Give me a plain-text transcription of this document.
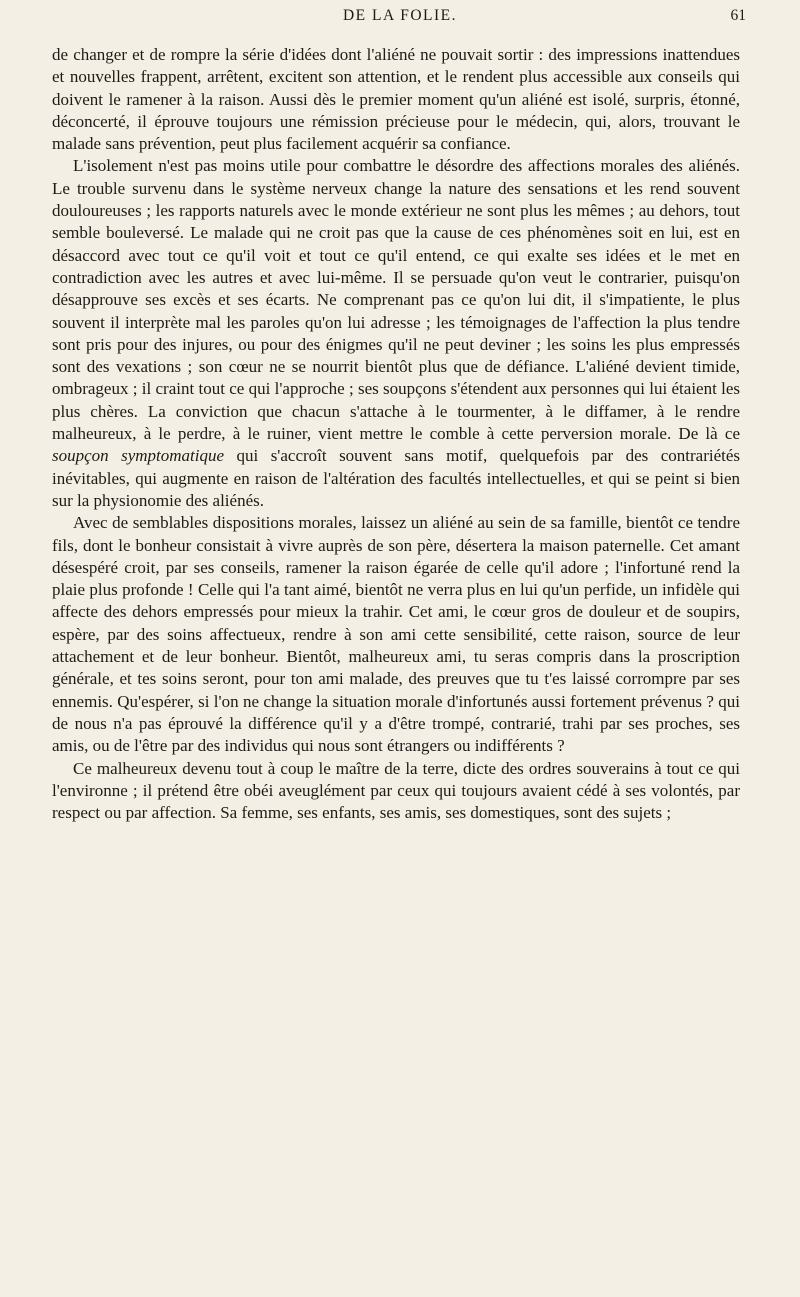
DE LA FOLIE.	61

de changer et de rompre la série d'idées dont l'aliéné ne pouvait sortir : des impressions inattendues et nouvelles frappent, arrêtent, excitent son attention, et le rendent plus accessible aux conseils qui doivent le ramener à la raison. Aussi dès le premier moment qu'un aliéné est isolé, surpris, étonné, déconcerté, il éprouve toujours une rémission précieuse pour le médecin, qui, alors, trouvant le malade sans prévention, peut plus facilement acquérir sa confiance.

L'isolement n'est pas moins utile pour combattre le désordre des affections morales des aliénés. Le trouble survenu dans le système nerveux change la nature des sensations et les rend souvent douloureuses ; les rapports naturels avec le monde extérieur ne sont plus les mêmes ; au dehors, tout semble bouleversé. Le malade qui ne croit pas que la cause de ces phénomènes soit en lui, est en désaccord avec tout ce qu'il voit et tout ce qu'il entend, ce qui exalte ses idées et le met en contradiction avec les autres et avec lui-même. Il se persuade qu'on veut le contrarier, puisqu'on désapprouve ses excès et ses écarts. Ne comprenant pas ce qu'on lui dit, il s'impatiente, le plus souvent il interprète mal les paroles qu'on lui adresse ; les témoignages de l'affection la plus tendre sont pris pour des injures, ou pour des énigmes qu'il ne peut deviner ; les soins les plus empressés sont des vexations ; son cœur ne se nourrit bientôt plus que de défiance. L'aliéné devient timide, ombrageux ; il craint tout ce qui l'approche ; ses soupçons s'étendent aux personnes qui lui étaient les plus chères. La conviction que chacun s'attache à le tourmenter, à le diffamer, à le rendre malheureux, à le perdre, à le ruiner, vient mettre le comble à cette perversion morale. De là ce soupçon symptomatique qui s'accroît souvent sans motif, quelquefois par des contrariétés inévitables, qui augmente en raison de l'altération des facultés intellectuelles, et qui se peint si bien sur la physionomie des aliénés.

Avec de semblables dispositions morales, laissez un aliéné au sein de sa famille, bientôt ce tendre fils, dont le bonheur consistait à vivre auprès de son père, désertera la maison paternelle. Cet amant désespéré croit, par ses conseils, ramener la raison égarée de celle qu'il adore ; l'infortuné rend la plaie plus profonde ! Celle qui l'a tant aimé, bientôt ne verra plus en lui qu'un perfide, un infidèle qui affecte des dehors empressés pour mieux la trahir. Cet ami, le cœur gros de douleur et de soupirs, espère, par des soins affectueux, rendre à son ami cette sensibilité, cette raison, source de leur attachement et de leur bonheur. Bientôt, malheureux ami, tu seras compris dans la proscription générale, et tes soins seront, pour ton ami malade, des preuves que tu t'es laissé corrompre par ses ennemis. Qu'espérer, si l'on ne change la situation morale d'infortunés aussi fortement prévenus ? qui de nous n'a pas éprouvé la différence qu'il y a d'être trompé, contrarié, trahi par ses proches, ses amis, ou de l'être par des individus qui nous sont étrangers ou indifférents ?

Ce malheureux devenu tout à coup le maître de la terre, dicte des ordres souverains à tout ce qui l'environne ; il prétend être obéi aveuglément par ceux qui toujours avaient cédé à ses volontés, par respect ou par affection. Sa femme, ses enfants, ses amis, ses domestiques, sont des sujets ;
